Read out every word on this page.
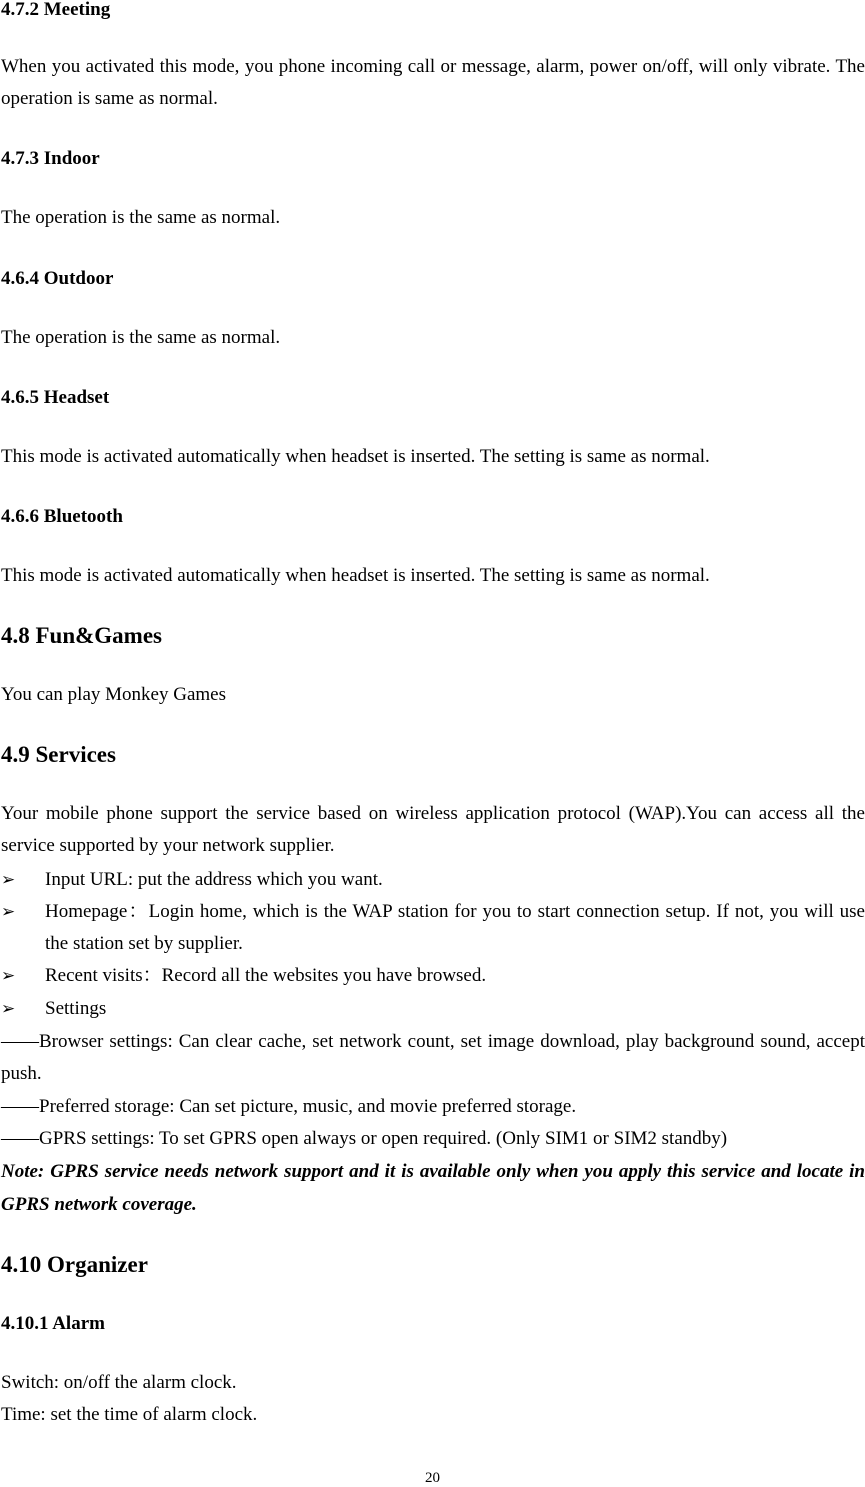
4.7.2 Meeting

When you activated this mode, you phone incoming call or message, alarm, power on/off, will only vibrate. The operation is same as normal.

4.7.3 Indoor

The operation is the same as normal.

4.6.4 Outdoor

The operation is the same as normal.

4.6.5 Headset

This mode is activated automatically when headset is inserted. The setting is same as normal.

4.6.6 Bluetooth

This mode is activated automatically when headset is inserted. The setting is same as normal.

4.8 Fun&Games

You can play Monkey Games

4.9 Services

Your mobile phone support the service based on wireless application protocol (WAP).You can access all the service supported by your network supplier.

➢	Input URL: put the address which you want.
➢	Homepage：Login home, which is the WAP station for you to start connection setup. If not, you will use the station set by supplier.
➢	Recent visits：Record all the websites you have browsed.
➢	Settings

——Browser settings: Can clear cache, set network count, set image download, play background sound, accept push.

——Preferred storage: Can set picture, music, and movie preferred storage.

——GPRS settings: To set GPRS open always or open required. (Only SIM1 or SIM2 standby)

Note: GPRS service needs network support and it is available only when you apply this service and locate in GPRS network coverage.

4.10 Organizer
4.10.1 Alarm

Switch: on/off the alarm clock.

Time: set the time of alarm clock.

20
